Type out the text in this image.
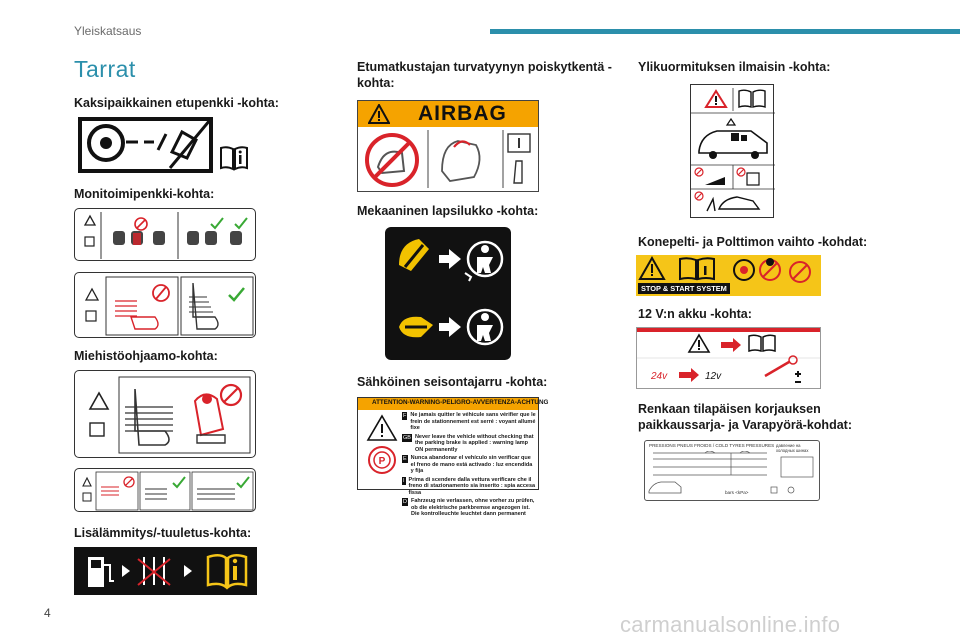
Yleiskatsaus
Tarrat
Kaksipaikkainen etupenkki -kohta:
Monitoimipenkki-kohta:
Miehistöohjaamo-kohta:
Lisälämmitys/-tuuletus-kohta:
Etumatkustajan turvatyynyn poiskytkentä -kohta:
AIRBAG
Mekaaninen lapsilukko -kohta:
Sähköinen seisontajarru -kohta:
ATTENTION-WARNING-PELIGRO-AVVERTENZA-ACHTUNG
P
F Ne jamais quitter le véhicule sans vérifier que le frein de stationnement est serré : voyant allumé fixe
GB Never leave the vehicle without checking that the parking brake is applied : warning lamp ON permanently
E Nunca abandonar el vehículo sin verificar que el freno de mano está activado : luz encendida y fija
I Prima di scendere dalla vettura verificare che il freno di stazionamento sia inserito : spia accesa fissa
D Fahrzeug nie verlassen, ohne vorher zu prüfen, ob die elektrische parkbremse angezogen ist. Die kontrolleuchte leuchtet dann permanent
Ylikuormituksen ilmaisin -kohta:
Konepelti- ja Polttimon vaihto -kohdat:
STOP & START SYSTEM
12 V:n akku -kohta:
24v	12v
Renkaan tilapäisen korjauksen paikkaussarja- ja Varapyörä-kohdat:
PRESSIONS PNEUS FROIDS / COLD TYRES PRESSURES давление на холодных шинах
bars <kPa>
4	carmanualsonline.info
